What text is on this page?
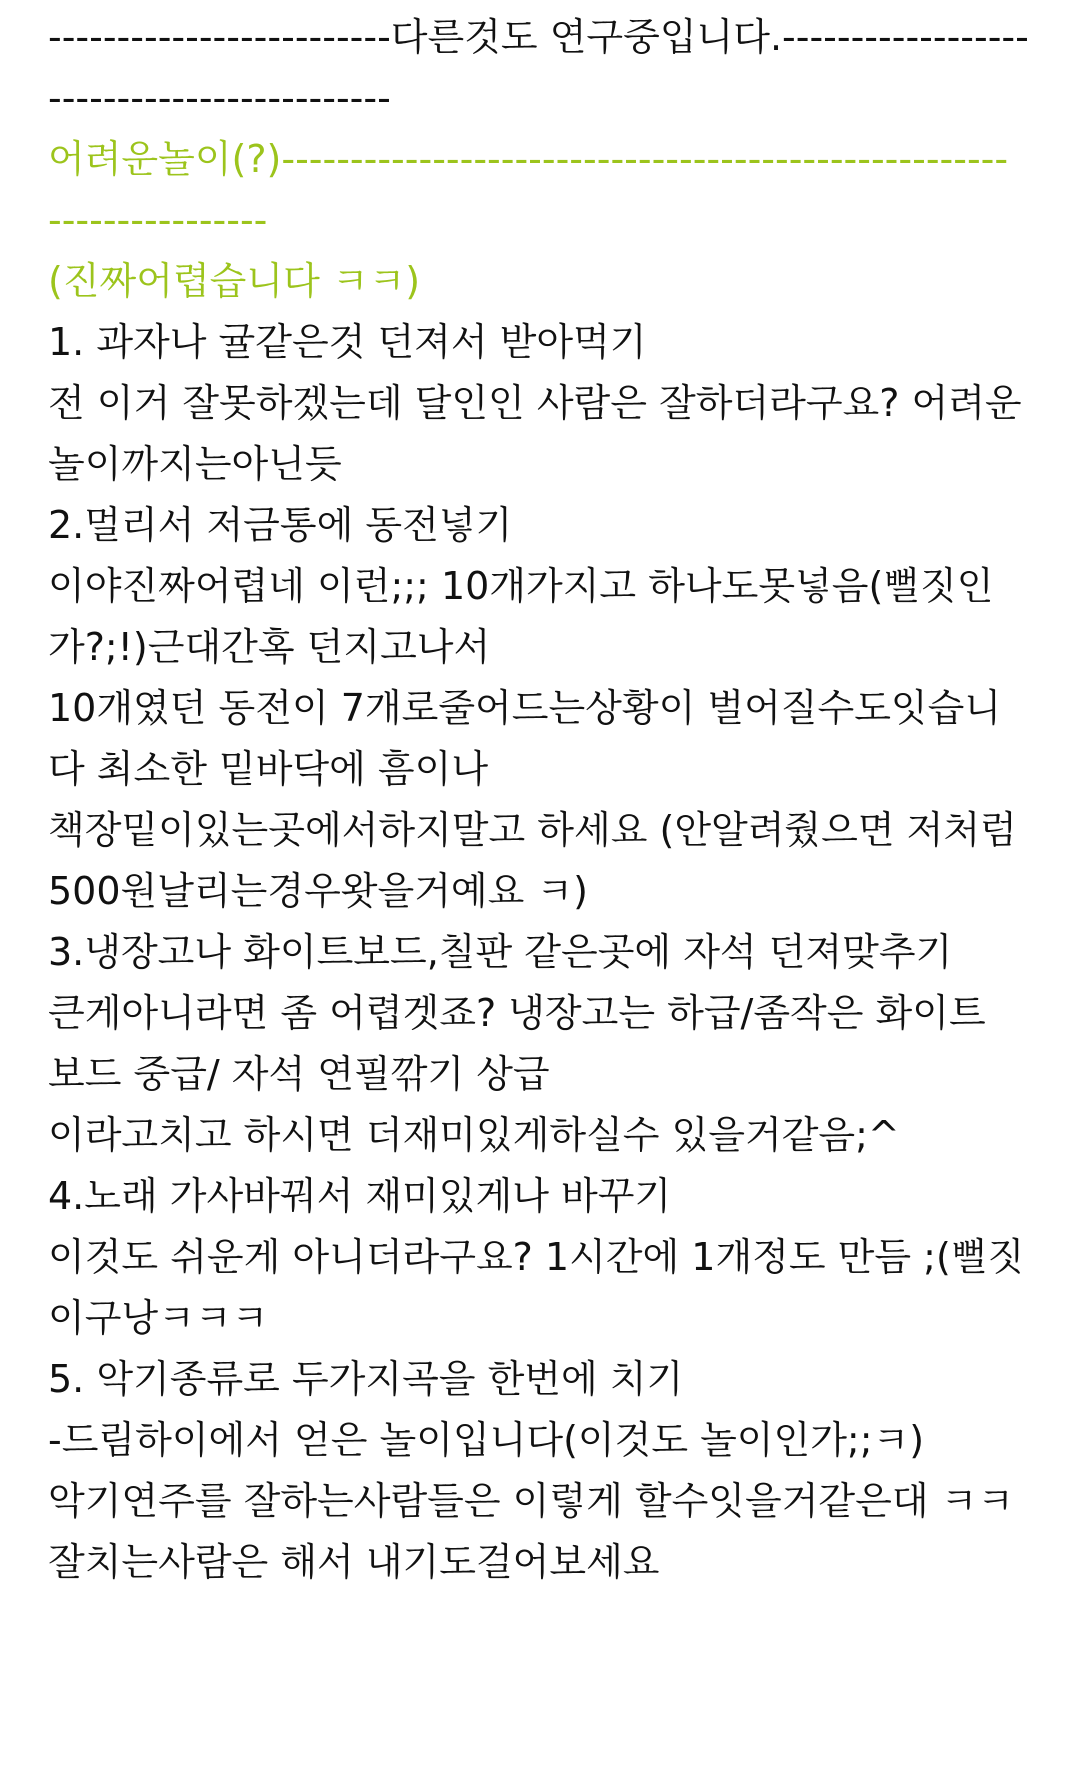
-------------------------다른것도 연구중입니다.------------------
-------------------------
어려운놀이(?)-----------------------------------------------------
----------------
(진짜어렵습니다 ㅋㅋ)
1. 과자나 귤같은것 던져서 받아먹기
전 이거 잘못하겠는데 달인인 사람은 잘하더라구요? 어려운
놀이까지는아닌듯
2.멀리서 저금통에 동전넣기
이야진짜어렵네 이런;;; 10개가지고 하나도못넣음(뻘짓인
가?;!)근대간혹 던지고나서
10개였던 동전이 7개로줄어드는상황이 벌어질수도잇습니
다 최소한 밑바닥에 흠이나
책장밑이있는곳에서하지말고 하세요 (안알려줬으면 저처럼
500원날리는경우왓을거예요 ㅋ)
3.냉장고나 화이트보드,칠판 같은곳에 자석 던져맞추기
큰게아니라면 좀 어렵겟죠? 냉장고는 하급/좀작은 화이트
보드 중급/ 자석 연필깎기 상급
이라고치고 하시면 더재미있게하실수 있을거같음;^
4.노래 가사바꿔서 재미있게나 바꾸기
이것도 쉬운게 아니더라구요? 1시간에 1개정도 만듬 ;(뻘짓
이구낭ㅋㅋㅋ
5. 악기종류로 두가지곡을 한번에 치기
-드림하이에서 얻은 놀이입니다(이것도 놀이인가;;ㅋ)
악기연주를 잘하는사람들은 이렇게 할수잇을거같은대 ㅋㅋ
잘치는사람은 해서 내기도걸어보세요
